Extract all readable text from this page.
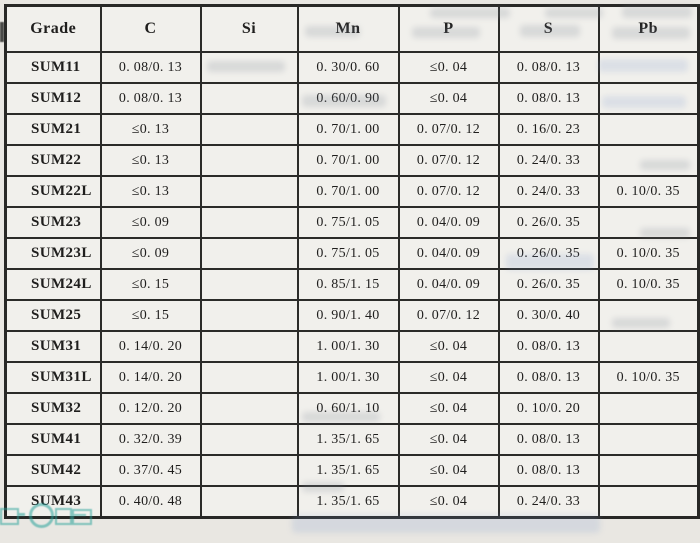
Grade	C	Si	Mn	P	S	Pb
SUM11	0. 08/0. 13		0. 30/0. 60	≤0. 04	0. 08/0. 13	
SUM12	0. 08/0. 13		0. 60/0. 90	≤0. 04	0. 08/0. 13	
SUM21	≤0. 13		0. 70/1. 00	0. 07/0. 12	0. 16/0. 23	
SUM22	≤0. 13		0. 70/1. 00	0. 07/0. 12	0. 24/0. 33	
SUM22L	≤0. 13		0. 70/1. 00	0. 07/0. 12	0. 24/0. 33	0. 10/0. 35
SUM23	≤0. 09		0. 75/1. 05	0. 04/0. 09	0. 26/0. 35	
SUM23L	≤0. 09		0. 75/1. 05	0. 04/0. 09	0. 26/0. 35	0. 10/0. 35
SUM24L	≤0. 15		0. 85/1. 15	0. 04/0. 09	0. 26/0. 35	0. 10/0. 35
SUM25	≤0. 15		0. 90/1. 40	0. 07/0. 12	0. 30/0. 40	
SUM31	0. 14/0. 20		1. 00/1. 30	≤0. 04	0. 08/0. 13	
SUM31L	0. 14/0. 20		1. 00/1. 30	≤0. 04	0. 08/0. 13	0. 10/0. 35
SUM32	0. 12/0. 20		0. 60/1. 10	≤0. 04	0. 10/0. 20	
SUM41	0. 32/0. 39		1. 35/1. 65	≤0. 04	0. 08/0. 13	
SUM42	0. 37/0. 45		1. 35/1. 65	≤0. 04	0. 08/0. 13	
SUM43	0. 40/0. 48		1. 35/1. 65	≤0. 04	0. 24/0. 33	
